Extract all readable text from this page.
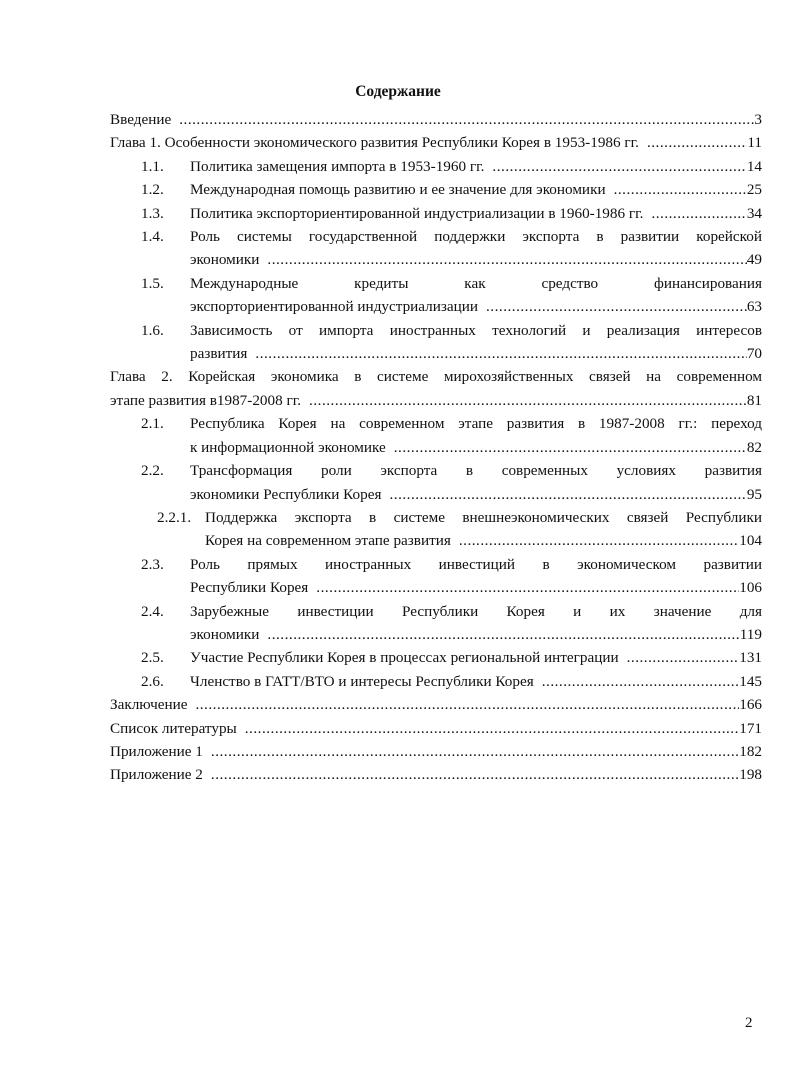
Содержание
Введение .....	3
Глава 1. Особенности экономического развития Республики Корея в 1953-1986 гг. .....	11
1.1. Политика замещения импорта в 1953-1960 гг. .....	14
1.2. Международная помощь развитию и ее значение для экономики .....	25
1.3. Политика экспорториентированной индустриализации в 1960-1986 гг. .....	34
1.4. Роль системы государственной поддержки экспорта в развитии корейской
экономики .....	49
1.5. Международные кредиты как средство финансирования
экспорториентированной индустриализации .....	63
1.6. Зависимость от импорта иностранных технологий и реализация интересов
развития .....	70
Глава 2. Корейская экономика в системе мирохозяйственных связей на современном
этапе развития в1987-2008 гг. .....	81
2.1. Республика Корея на современном этапе развития в 1987-2008 гг.: переход
к информационной экономике .....	82
2.2. Трансформация роли экспорта в современных условиях развития
экономики Республики Корея .....	95
2.2.1. Поддержка экспорта в системе внешнеэкономических связей Республики
Корея на современном этапе развития .....	104
2.3. Роль прямых иностранных инвестиций в экономическом развитии
Республики Корея .....	106
2.4. Зарубежные инвестиции Республики Корея и их значение для
экономики .....	119
2.5. Участие Республики Корея в процессах региональной интеграции .....	131
2.6. Членство в ГАТТ/ВТО и интересы Республики Корея .....	145
Заключение .....	166
Список литературы .....	171
Приложение 1 .....	182
Приложение 2 .....	198
2
